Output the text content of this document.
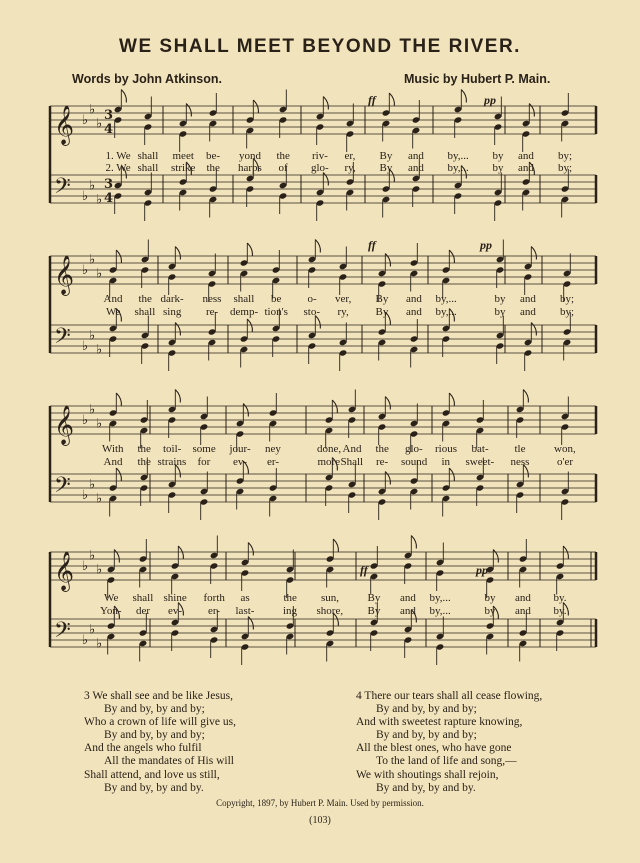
WE SHALL MEET BEYOND THE RIVER.
Words by John Atkinson.	Music by Hubert P. Main.
𝄞 ♭
♭
♭
3
4
𝄢 ♭
♭
♭
3
4
𝄞 ♭
♭
♭
𝄢 ♭
♭
♭
𝄞 ♭
♭
♭
𝄢 ♭
♭
♭
𝄞 ♭
♭
♭
𝄢 ♭
♭
♭
1. We shall meet be- yond the riv- er, By and by,... by and by;
2. We shall strike the harps of glo- ry, By and by,... by and by;
And the dark- ness shall be o- ver, By and by,...	by and by;
We shall sing re- demp- tion's sto- ry, By and by,...	by and by;
With the toil- some jour- ney	done, And the glo- rious bat- tle	won,
And the strains for ev- er-	more Shall re- sound in sweet- ness	o'er
We shall shine forth as	the sun,	By and by,...	by and by.
Yon- der ev- er- last-	ing shore, By and by,...	by and by.
ff	pp
ff	pp
ff	pp
3 We shall see and be like Jesus,
By and by, by and by;
Who a crown of life will give us,
By and by, by and by;
And the angels who fulfil
All the mandates of His will
Shall attend, and love us still,
By and by, by and by.
4 There our tears shall all cease flowing,
By and by, by and by;
And with sweetest rapture knowing,
By and by, by and by;
All the blest ones, who have gone
To the land of life and song,—
We with shoutings shall rejoin,
By and by, by and by.
Copyright, 1897, by Hubert P. Main. Used by permission.
(103)
